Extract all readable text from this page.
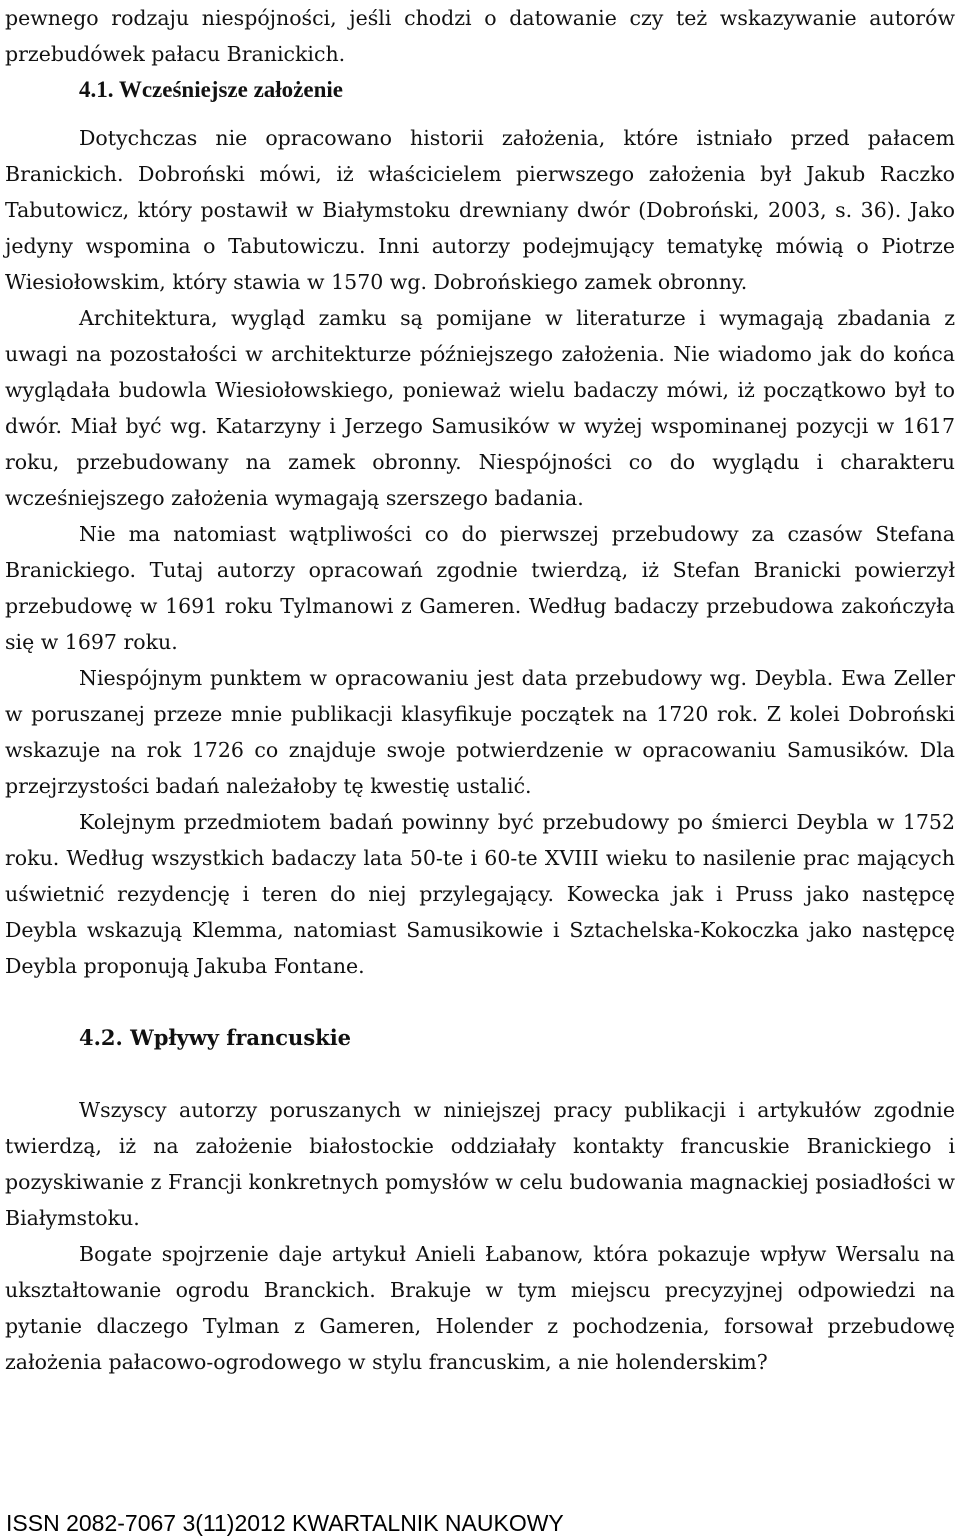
pewnego rodzaju niespójności, jeśli chodzi o datowanie czy też wskazywanie autorów przebudówek pałacu Branickich.

4.1. Wcześniejsze założenie

Dotychczas nie opracowano historii założenia, które istniało przed pałacem Branickich. Dobroński mówi, iż właścicielem pierwszego założenia był Jakub Raczko Tabutowicz, który postawił w Białymstoku drewniany dwór (Dobroński, 2003, s. 36). Jako jedyny wspomina o Tabutowiczu. Inni autorzy podejmujący tematykę mówią o Piotrze Wiesiołowskim, który stawia w 1570 wg. Dobrońskiego zamek obronny.

Architektura, wygląd zamku są pomijane w literaturze i wymagają zbadania z uwagi na pozostałości w architekturze późniejszego założenia. Nie wiadomo jak do końca wyglądała budowla Wiesiołowskiego, ponieważ wielu badaczy mówi, iż początkowo był to dwór. Miał być wg. Katarzyny i Jerzego Samusików w wyżej wspominanej pozycji w 1617 roku, przebudowany na zamek obronny. Niespójności co do wyglądu i charakteru wcześniejszego założenia wymagają szerszego badania.

Nie ma natomiast wątpliwości co do pierwszej przebudowy za czasów Stefana Branickiego. Tutaj autorzy opracowań zgodnie twierdzą, iż Stefan Branicki powierzył przebudowę w 1691 roku Tylmanowi z Gameren. Według badaczy przebudowa zakończyła się w 1697 roku.

Niespójnym punktem w opracowaniu jest data przebudowy wg. Deybla. Ewa Zeller w poruszanej przeze mnie publikacji klasyfikuje początek na 1720 rok. Z kolei Dobroński wskazuje na rok 1726 co znajduje swoje potwierdzenie w opracowaniu Samusików. Dla przejrzystości badań należałoby tę kwestię ustalić.

Kolejnym przedmiotem badań powinny być przebudowy po śmierci Deybla w 1752 roku. Według wszystkich badaczy lata 50-te i 60-te XVIII wieku to nasilenie prac mających uświetnić rezydencję i teren do niej przylegający. Kowecka jak i Pruss jako następcę Deybla wskazują Klemma, natomiast Samusikowie i Sztachelska-Kokoczka jako następcę Deybla proponują Jakuba Fontane.

4.2. Wpływy francuskie

Wszyscy autorzy poruszanych w niniejszej pracy publikacji i artykułów zgodnie twierdzą, iż na założenie białostockie oddziałały kontakty francuskie Branickiego i pozyskiwanie z Francji konkretnych pomysłów w celu budowania magnackiej posiadłości w Białymstoku.

Bogate spojrzenie daje artykuł Anieli Łabanow, która pokazuje wpływ Wersalu na ukształtowanie ogrodu Branckich. Brakuje w tym miejscu precyzyjnej odpowiedzi na pytanie dlaczego Tylman z Gameren, Holender z pochodzenia, forsował przebudowę założenia pałacowo-ogrodowego w stylu francuskim, a nie holenderskim?

ISSN 2082-7067 3(11)2012 KWARTALNIK NAUKOWY
